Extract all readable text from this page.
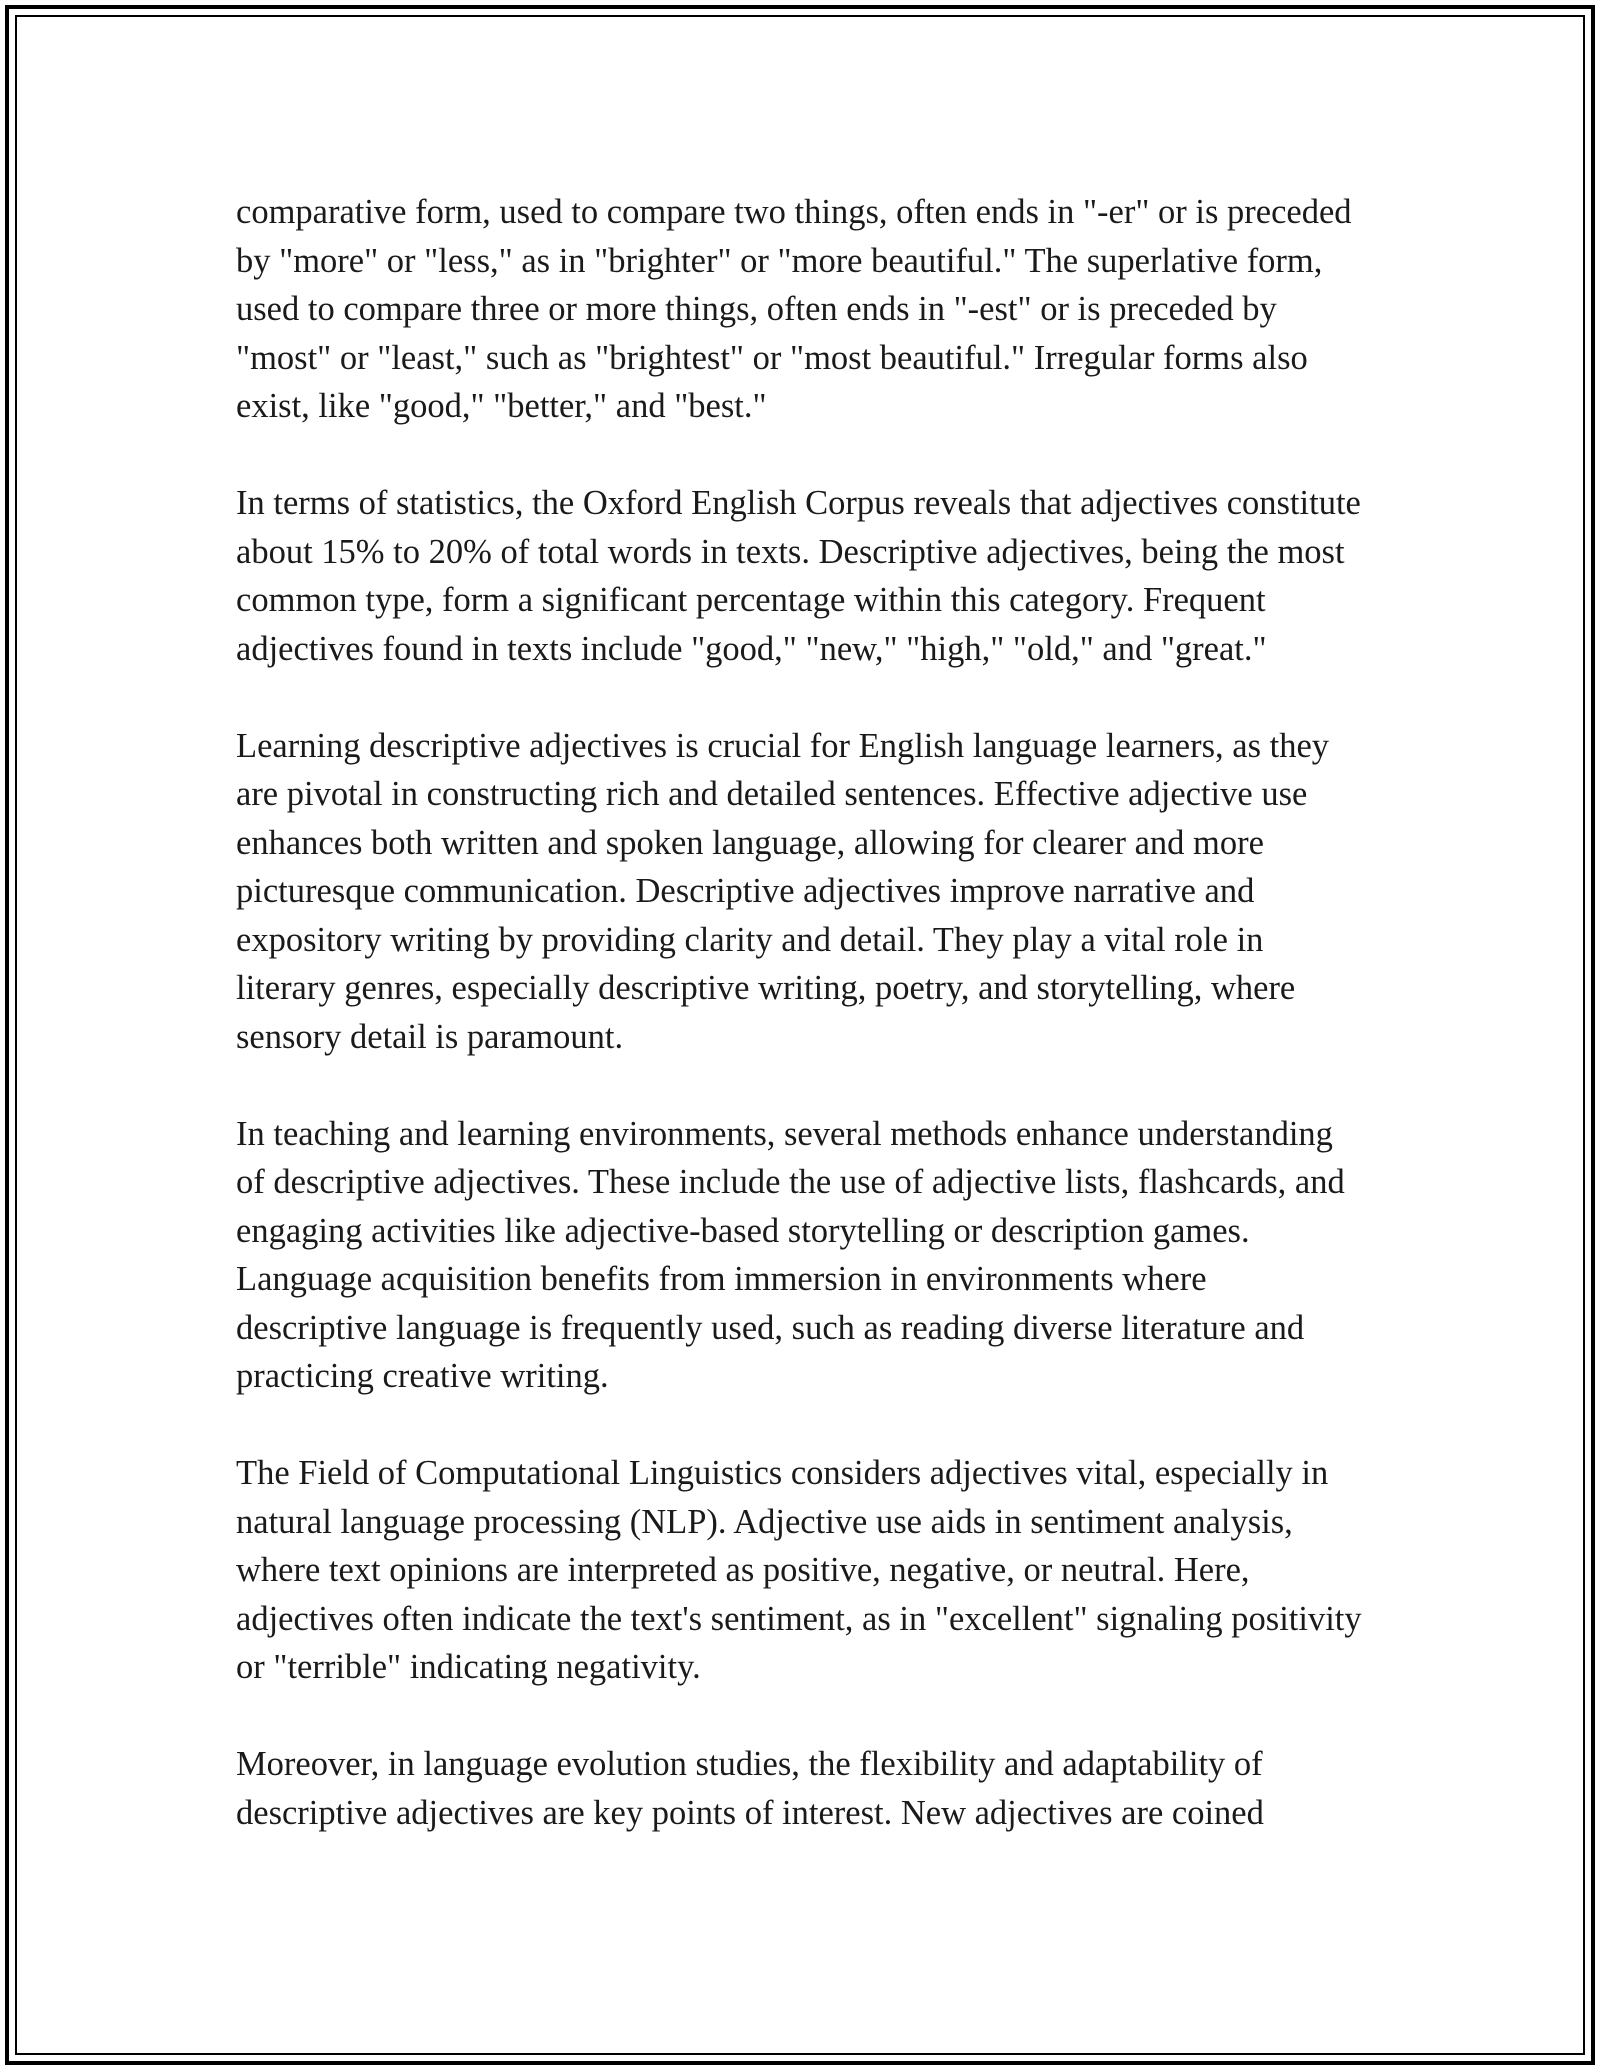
comparative form, used to compare two things, often ends in "-er" or is preceded by "more" or "less," as in "brighter" or "more beautiful." The superlative form, used to compare three or more things, often ends in "-est" or is preceded by "most" or "least," such as "brightest" or "most beautiful." Irregular forms also exist, like "good," "better," and "best."

In terms of statistics, the Oxford English Corpus reveals that adjectives constitute about 15% to 20% of total words in texts. Descriptive adjectives, being the most common type, form a significant percentage within this category. Frequent adjectives found in texts include "good," "new," "high," "old," and "great."

Learning descriptive adjectives is crucial for English language learners, as they are pivotal in constructing rich and detailed sentences. Effective adjective use enhances both written and spoken language, allowing for clearer and more picturesque communication. Descriptive adjectives improve narrative and expository writing by providing clarity and detail. They play a vital role in literary genres, especially descriptive writing, poetry, and storytelling, where sensory detail is paramount.

In teaching and learning environments, several methods enhance understanding of descriptive adjectives. These include the use of adjective lists, flashcards, and engaging activities like adjective-based storytelling or description games. Language acquisition benefits from immersion in environments where descriptive language is frequently used, such as reading diverse literature and practicing creative writing.

The Field of Computational Linguistics considers adjectives vital, especially in natural language processing (NLP). Adjective use aids in sentiment analysis, where text opinions are interpreted as positive, negative, or neutral. Here, adjectives often indicate the text's sentiment, as in "excellent" signaling positivity or "terrible" indicating negativity.

Moreover, in language evolution studies, the flexibility and adaptability of descriptive adjectives are key points of interest. New adjectives are coined
